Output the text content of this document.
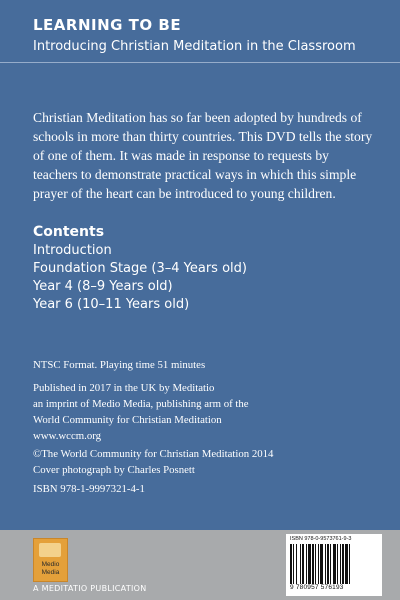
LEARNING TO BE
Introducing Christian Meditation in the Classroom
Christian Meditation has so far been adopted by hundreds of schools in more than thirty countries. This DVD tells the story of one of them. It was made in response to requests by teachers to demonstrate practical ways in which this simple prayer of the heart can be introduced to young children.
Contents
Introduction
Foundation Stage (3–4 Years old)
Year 4 (8–9 Years old)
Year 6 (10–11 Years old)
NTSC Format. Playing time 51 minutes
Published in 2017 in the UK by Meditatio
an imprint of Medio Media, publishing arm of the
World Community for Christian Meditation
www.wccm.org
©The World Community for Christian Meditation 2014
Cover photograph by Charles Posnett
ISBN 978-1-9997321-4-1
Medio
Media
A MEDITATIO PUBLICATION
ISBN 978-0-9573761-9-3
9 780957 576193
